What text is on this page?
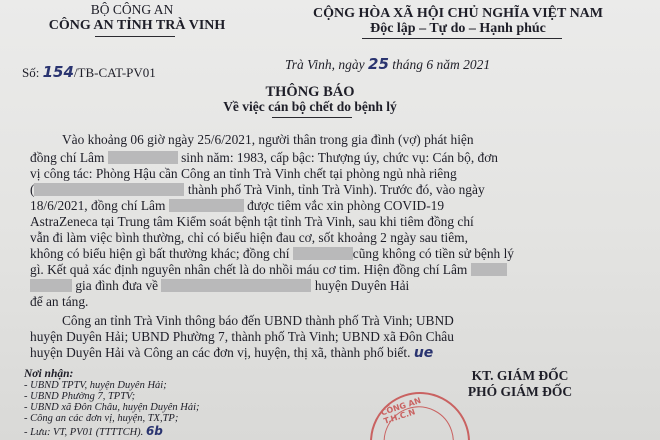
BỘ CÔNG AN
CÔNG AN TỈNH TRÀ VINH
Số: 154/TB-CAT-PV01
CỘNG HÒA XÃ HỘI CHỦ NGHĨA VIỆT NAM
Độc lập – Tự do – Hạnh phúc
Trà Vinh, ngày 25 tháng 6 năm 2021
THÔNG BÁO
Về việc cán bộ chết do bệnh lý
Vào khoảng 06 giờ ngày 25/6/2021, người thân trong gia đình (vợ) phát hiện
đồng chí Lâm	sinh năm: 1983, cấp bậc: Thượng úy, chức vụ: Cán bộ, đơn
vị công tác: Phòng Hậu cần Công an tỉnh Trà Vinh chết tại phòng ngủ nhà riêng
(	thành phố Trà Vinh, tỉnh Trà Vinh). Trước đó, vào ngày
18/6/2021, đồng chí Lâm	được tiêm vắc xin phòng COVID-19
AstraZeneca tại Trung tâm Kiểm soát bệnh tật tỉnh Trà Vinh, sau khi tiêm đồng chí
vẫn đi làm việc bình thường, chỉ có biểu hiện đau cơ, sốt khoảng 2 ngày sau tiêm,
không có biểu hiện gì bất thường khác; đồng chí	cũng không có tiền sử bệnh lý
gì. Kết quả xác định nguyên nhân chết là do nhồi máu cơ tim. Hiện đồng chí Lâm
gia đình đưa về	huyện Duyên Hải
để an táng.
Công an tỉnh Trà Vinh thông báo đến UBND thành phố Trà Vinh; UBND
huyện Duyên Hải; UBND Phường 7, thành phố Trà Vinh; UBND xã Đôn Châu
huyện Duyên Hải và Công an các đơn vị, huyện, thị xã, thành phố biết. ue
Nơi nhận:
- UBND TPTV, huyện Duyên Hải;
- UBND Phường 7, TPTV;
- UBND xã Đôn Châu, huyện Duyên Hải;
- Công an các đơn vị, huyện, TX,TP;
- Lưu: VT, PV01 (TTTTCH). 6b
KT. GIÁM ĐỐC
PHÓ GIÁM ĐỐC
CÔNG AN T.H.C.N
